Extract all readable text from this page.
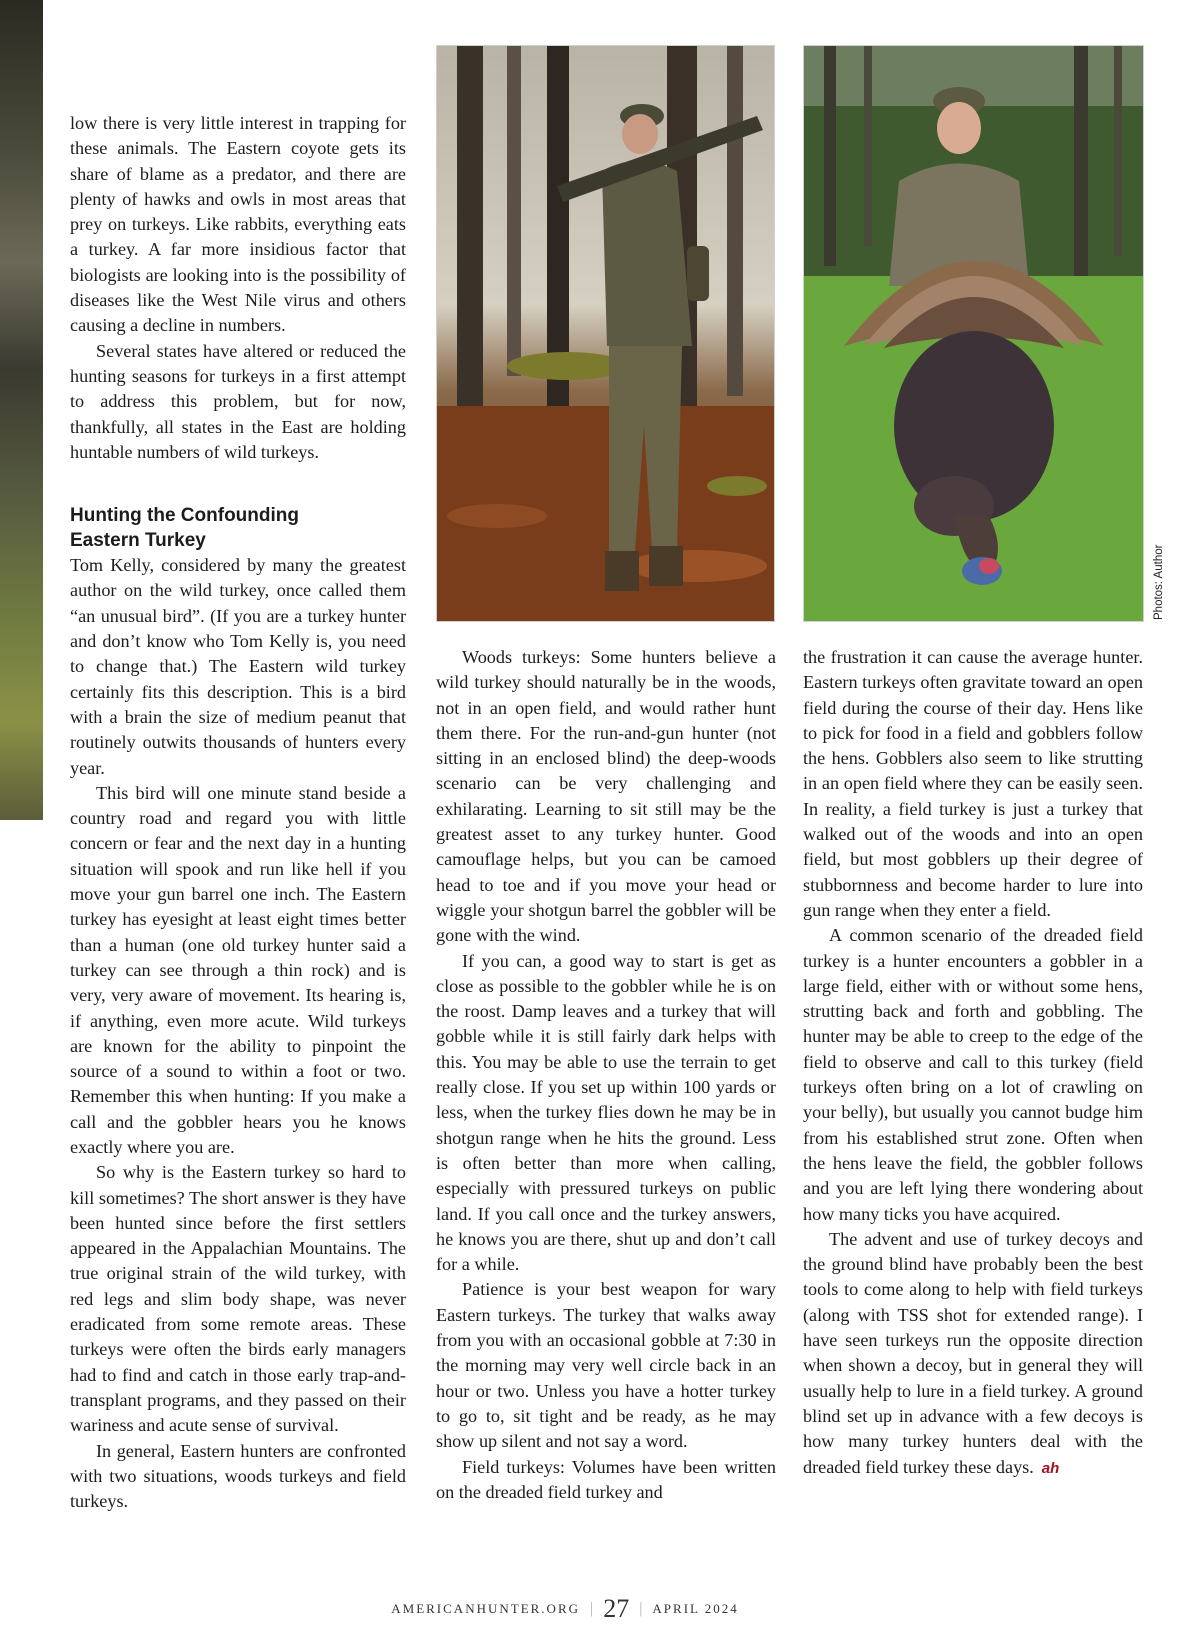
low there is very little interest in trapping for these animals. The Eastern coyote gets its share of blame as a predator, and there are plenty of hawks and owls in most areas that prey on turkeys. Like rabbits, everything eats a turkey. A far more insidious factor that biologists are looking into is the possibility of diseases like the West Nile virus and others causing a decline in numbers.

Several states have altered or reduced the hunting seasons for turkeys in a first attempt to address this problem, but for now, thankfully, all states in the East are holding huntable numbers of wild turkeys.

Hunting the Confounding
Eastern Turkey

Tom Kelly, considered by many the greatest author on the wild turkey, once called them “an unusual bird”. (If you are a turkey hunter and don’t know who Tom Kelly is, you need to change that.) The Eastern wild turkey certainly fits this description. This is a bird with a brain the size of medium peanut that routinely outwits thousands of hunters every year.

This bird will one minute stand beside a country road and regard you with little concern or fear and the next day in a hunting situation will spook and run like hell if you move your gun barrel one inch. The Eastern turkey has eyesight at least eight times better than a human (one old turkey hunter said a turkey can see through a thin rock) and is very, very aware of movement. Its hearing is, if anything, even more acute. Wild turkeys are known for the ability to pinpoint the source of a sound to within a foot or two. Remember this when hunting: If you make a call and the gobbler hears you he knows exactly where you are.

So why is the Eastern turkey so hard to kill sometimes? The short answer is they have been hunted since before the first settlers appeared in the Appalachian Mountains. The true original strain of the wild turkey, with red legs and slim body shape, was never eradicated from some remote areas. These turkeys were often the birds early managers had to find and catch in those early trap-and-transplant programs, and they passed on their wariness and acute sense of survival.

In general, Eastern hunters are confronted with two situations, woods turkeys and field turkeys.

Photos: Author

Woods turkeys: Some hunters believe a wild turkey should naturally be in the woods, not in an open field, and would rather hunt them there. For the run-and-gun hunter (not sitting in an enclosed blind) the deep-woods scenario can be very challenging and exhilarating. Learning to sit still may be the greatest asset to any turkey hunter. Good camouflage helps, but you can be camoed head to toe and if you move your head or wiggle your shotgun barrel the gobbler will be gone with the wind.

If you can, a good way to start is get as close as possible to the gobbler while he is on the roost. Damp leaves and a turkey that will gobble while it is still fairly dark helps with this. You may be able to use the terrain to get really close. If you set up within 100 yards or less, when the turkey flies down he may be in shotgun range when he hits the ground. Less is often better than more when calling, especially with pressured turkeys on public land. If you call once and the turkey answers, he knows you are there, shut up and don’t call for a while.

Patience is your best weapon for wary Eastern turkeys. The turkey that walks away from you with an occasional gobble at 7:30 in the morning may very well circle back in an hour or two. Unless you have a hotter turkey to go to, sit tight and be ready, as he may show up silent and not say a word.

Field turkeys: Volumes have been written on the dreaded field turkey and

the frustration it can cause the average hunter. Eastern turkeys often gravitate toward an open field during the course of their day. Hens like to pick for food in a field and gobblers follow the hens. Gobblers also seem to like strutting in an open field where they can be easily seen. In reality, a field turkey is just a turkey that walked out of the woods and into an open field, but most gobblers up their degree of stubbornness and become harder to lure into gun range when they enter a field.

A common scenario of the dreaded field turkey is a hunter encounters a gobbler in a large field, either with or without some hens, strutting back and forth and gobbling. The hunter may be able to creep to the edge of the field to observe and call to this turkey (field turkeys often bring on a lot of crawling on your belly), but usually you cannot budge him from his established strut zone. Often when the hens leave the field, the gobbler follows and you are left lying there wondering about how many ticks you have acquired.

The advent and use of turkey decoys and the ground blind have probably been the best tools to come along to help with field turkeys (along with TSS shot for extended range). I have seen turkeys run the opposite direction when shown a decoy, but in general they will usually help to lure in a field turkey. A ground blind set up in advance with a few decoys is how many turkey hunters deal with the dreaded field turkey these days. ah

AMERICANHUNTER.ORG | 27 | APRIL 2024
